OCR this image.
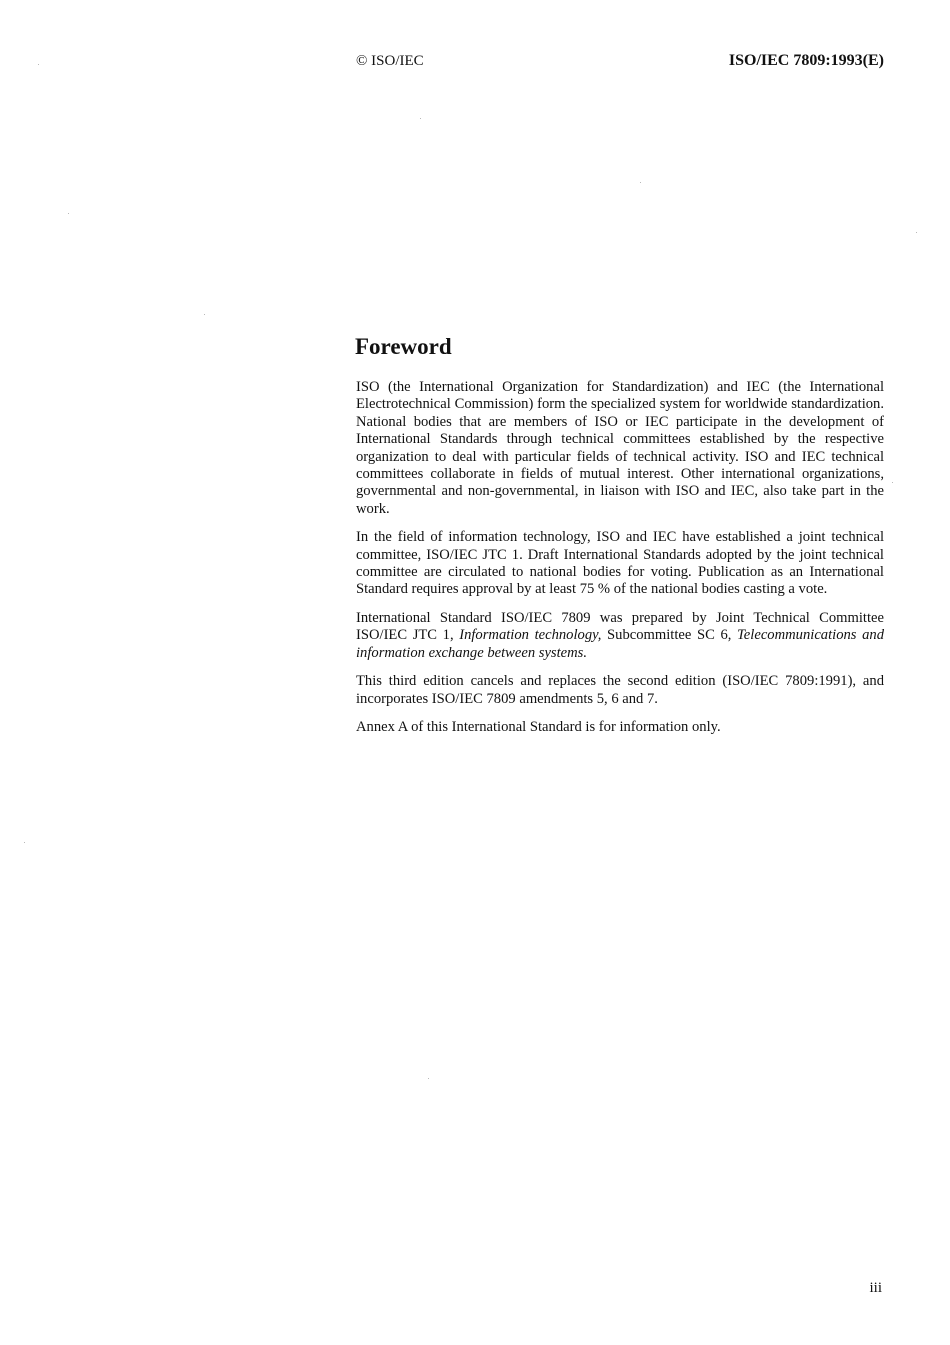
© ISO/IEC	ISO/IEC 7809:1993(E)
Foreword

ISO (the International Organization for Standardization) and IEC (the International Electrotechnical Commission) form the specialized system for worldwide standardization. National bodies that are members of ISO or IEC participate in the development of International Standards through technical committees established by the respective organization to deal with particular fields of technical activity. ISO and IEC technical committees collaborate in fields of mutual interest. Other international organizations, governmental and non-governmental, in liaison with ISO and IEC, also take part in the work.

In the field of information technology, ISO and IEC have established a joint technical committee, ISO/IEC JTC 1. Draft International Standards adopted by the joint technical committee are circulated to national bodies for voting. Publication as an International Standard requires approval by at least 75 % of the national bodies casting a vote.

International Standard ISO/IEC 7809 was prepared by Joint Technical Committee ISO/IEC JTC 1, Information technology, Subcommittee SC 6, Telecommunications and information exchange between systems.

This third edition cancels and replaces the second edition (ISO/IEC 7809:1991), and incorporates ISO/IEC 7809 amendments 5, 6 and 7.

Annex A of this International Standard is for information only.

iii
